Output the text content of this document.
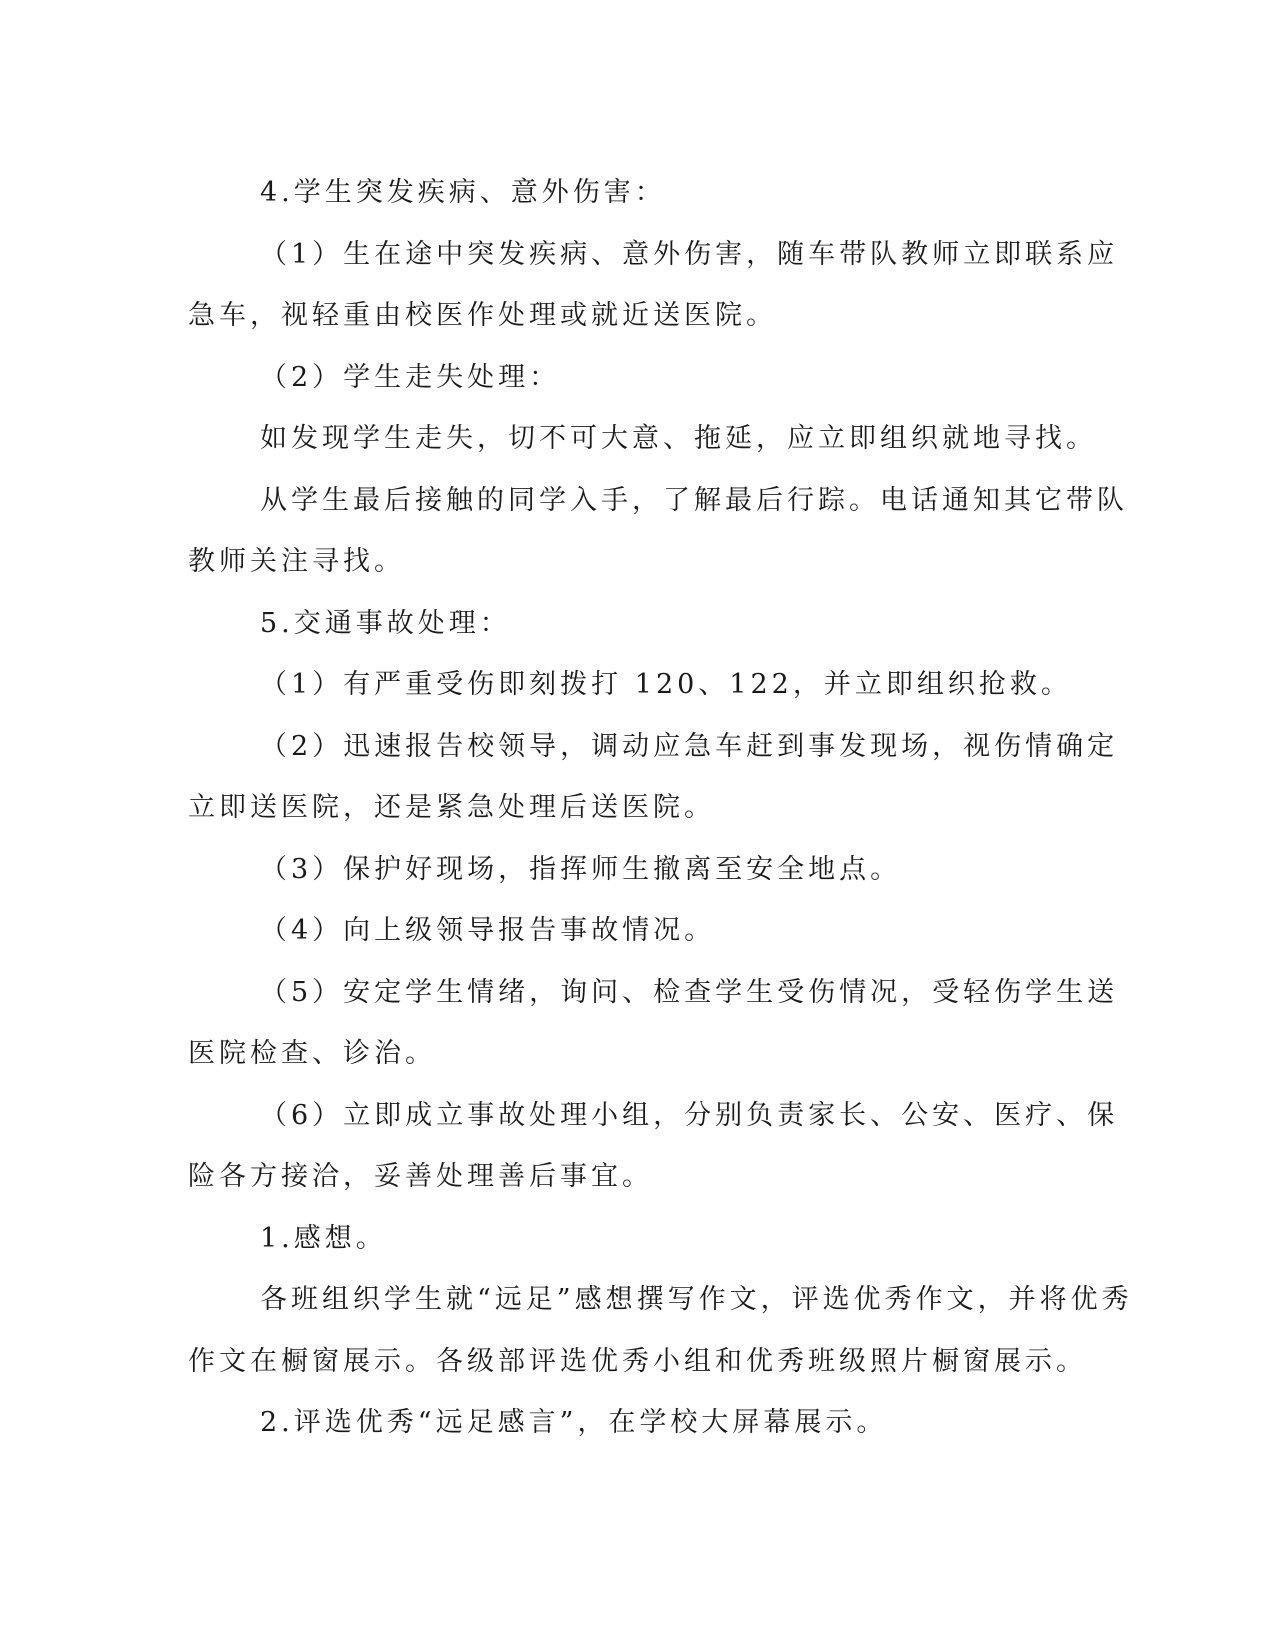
4.学生突发疾病、意外伤害：

（1）生在途中突发疾病、意外伤害，随车带队教师立即联系应

急车，视轻重由校医作处理或就近送医院。

（2）学生走失处理：

如发现学生走失，切不可大意、拖延，应立即组织就地寻找。

从学生最后接触的同学入手，了解最后行踪。电话通知其它带队

教师关注寻找。

5.交通事故处理：

（1）有严重受伤即刻拨打 120、122，并立即组织抢救。

（2）迅速报告校领导，调动应急车赶到事发现场，视伤情确定

立即送医院，还是紧急处理后送医院。

（3）保护好现场，指挥师生撤离至安全地点。

（4）向上级领导报告事故情况。

（5）安定学生情绪，询问、检查学生受伤情况，受轻伤学生送

医院检查、诊治。

（6）立即成立事故处理小组，分别负责家长、公安、医疗、保

险各方接洽，妥善处理善后事宜。

1.感想。

各班组织学生就“远足”感想撰写作文，评选优秀作文，并将优秀

作文在橱窗展示。各级部评选优秀小组和优秀班级照片橱窗展示。

2.评选优秀“远足感言”，在学校大屏幕展示。
